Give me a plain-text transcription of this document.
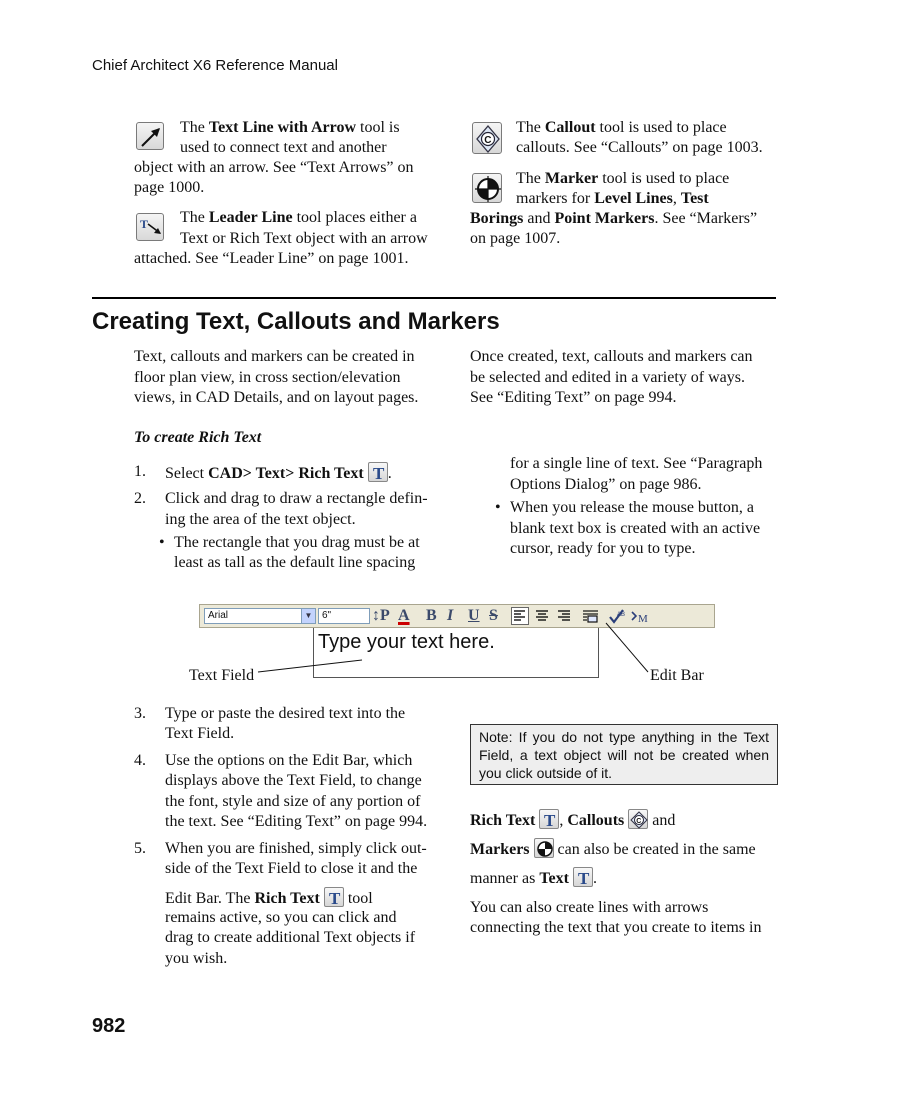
Chief Architect X6 Reference Manual
The Text Line with Arrow tool is
used to connect text and another
object with an arrow. See “Text Arrows” on
page 1000.
T The Leader Line tool places either a
Text or Rich Text object with an arrow
attached. See “Leader Line” on page 1001.
C
The Callout tool is used to place
callouts. See “Callouts” on page 1003.
The Marker tool is used to place
markers for Level Lines, Test
Borings and Point Markers. See “Markers”
on page 1007.
Creating Text, Callouts and Markers
Text, callouts and markers can be created in
floor plan view, in cross section/elevation
views, in CAD Details, and on layout pages.
Once created, text, callouts and markers can
be selected and edited in a variety of ways.
See “Editing Text” on page 994.
To create Rich Text
1. Select CAD> Text> Rich Text T .
2. Click and drag to draw a rectangle defin-
ing the area of the text object.
• The rectangle that you drag must be at
least as tall as the default line spacing
for a single line of text. See “Paragraph
Options Dialog” on page 986.
• When you release the mouse button, a
blank text box is created with an active
cursor, ready for you to type.
Arial	▼ 6"	↕P A B I U S	AB M
Type your text here.
Text Field	Edit Bar
3. Type or paste the desired text into the
Text Field.
4. Use the options on the Edit Bar, which
displays above the Text Field, to change
the font, style and size of any portion of
the text. See “Editing Text” on page 994.
5. When you are finished, simply click out-
side of the Text Field to close it and the
Edit Bar. The Rich Text T tool
remains active, so you can click and
drag to create additional Text objects if
you wish.
Note: If you do not type anything in the Text Field, a text object will not be created when you click outside of it.
Rich Text T , Callouts C and
Markers
can also be created in the same
manner as Text T .
You can also create lines with arrows
connecting the text that you create to items in
982
